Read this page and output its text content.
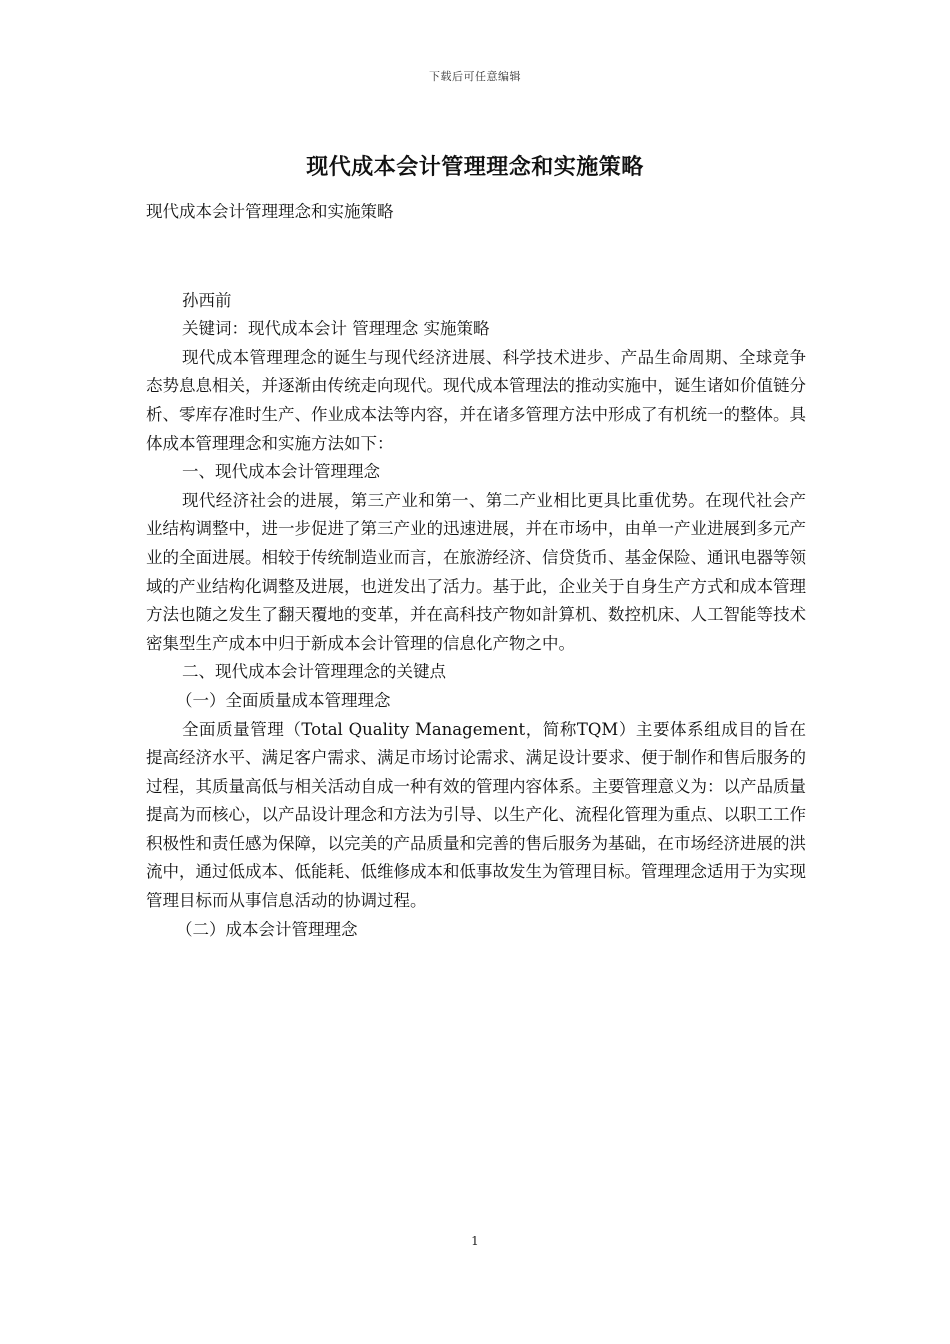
下载后可任意编辑
现代成本会计管理理念和实施策略

现代成本会计管理理念和实施策略

孙西前

关键词：现代成本会计 管理理念 实施策略

现代成本管理理念的诞生与现代经济进展、科学技术进步、产品生命周期、全球竞争态势息息相关，并逐渐由传统走向现代。现代成本管理法的推动实施中，诞生诸如价值链分析、零库存准时生产、作业成本法等内容，并在诸多管理方法中形成了有机统一的整体。具体成本管理理念和实施方法如下：

一、现代成本会计管理理念

现代经济社会的进展，第三产业和第一、第二产业相比更具比重优势。在现代社会产业结构调整中，进一步促进了第三产业的迅速进展，并在市场中，由单一产业进展到多元产业的全面进展。相较于传统制造业而言，在旅游经济、信贷货币、基金保险、通讯电器等领域的产业结构化调整及进展，也迸发出了活力。基于此，企业关于自身生产方式和成本管理方法也随之发生了翻天覆地的变革，并在高科技产物如計算机、数控机床、人工智能等技术密集型生产成本中归于新成本会计管理的信息化产物之中。

二、现代成本会计管理理念的关键点

（一）全面质量成本管理理念

全面质量管理（Total Quality Management，简称TQM）主要体系组成目的旨在提高经济水平、满足客户需求、满足市场讨论需求、满足设计要求、便于制作和售后服务的过程，其质量高低与相关活动自成一种有效的管理内容体系。主要管理意义为：以产品质量提高为而核心，以产品设计理念和方法为引导、以生产化、流程化管理为重点、以职工工作积极性和责任感为保障，以完美的产品质量和完善的售后服务为基础，在市场经济进展的洪流中，通过低成本、低能耗、低维修成本和低事故发生为管理目标。管理理念适用于为实现管理目标而从事信息活动的协调过程。

（二）成本会计管理理念

1
